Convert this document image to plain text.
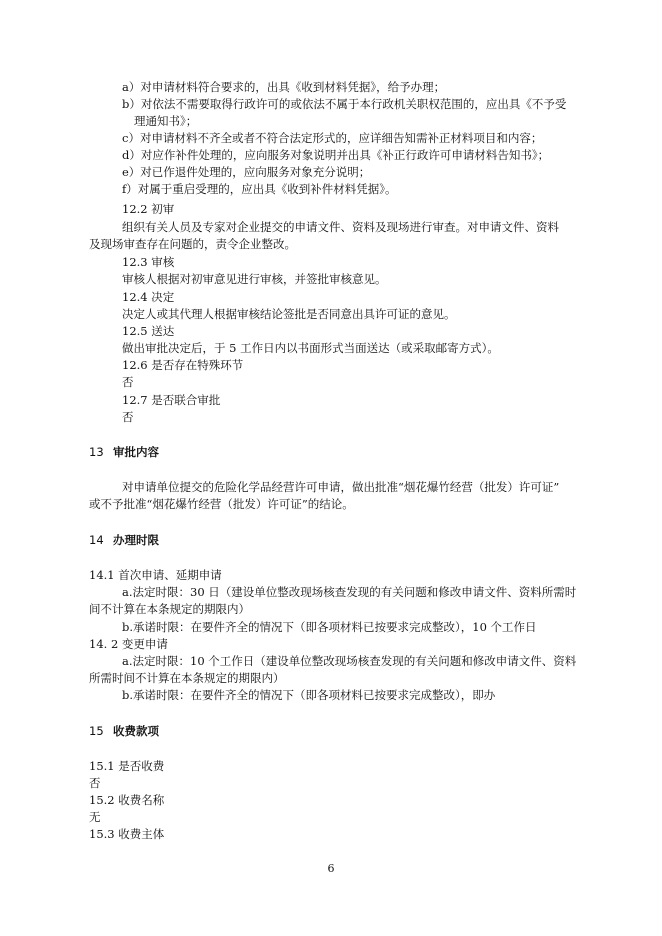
a）对申请材料符合要求的，出具《收到材料凭据》，给予办理；

b）对依法不需要取得行政许可的或依法不属于本行政机关职权范围的，应出具《不予受

理通知书》；

c）对申请材料不齐全或者不符合法定形式的，应详细告知需补正材料项目和内容；

d）对应作补件处理的，应向服务对象说明并出具《补正行政许可申请材料告知书》；

e）对已作退件处理的，应向服务对象充分说明；

f）对属于重启受理的，应出具《收到补件材料凭据》。

12.2 初审

组织有关人员及专家对企业提交的申请文件、资料及现场进行审查。对申请文件、资料

及现场审查存在问题的，责令企业整改。

12.3 审核

审核人根据对初审意见进行审核，并签批审核意见。

12.4 决定

决定人或其代理人根据审核结论签批是否同意出具许可证的意见。

12.5 送达

做出审批决定后，于 5 工作日内以书面形式当面送达（或采取邮寄方式）。

12.6 是否存在特殊环节

否

12.7 是否联合审批

否

13 审批内容

对申请单位提交的危险化学品经营许可申请，做出批准“烟花爆竹经营（批发）许可证”

或不予批准“烟花爆竹经营（批发）许可证”的结论。

14 办理时限

14.1 首次申请、延期申请

a.法定时限：30 日（建设单位整改现场核查发现的有关问题和修改申请文件、资料所需时

间不计算在本条规定的期限内）

b.承诺时限：在要件齐全的情况下（即各项材料已按要求完成整改），10 个工作日

14. 2 变更申请

a.法定时限：10 个工作日（建设单位整改现场核查发现的有关问题和修改申请文件、资料

所需时间不计算在本条规定的期限内）

b.承诺时限：在要件齐全的情况下（即各项材料已按要求完成整改），即办

15 收费款项

15.1 是否收费

否

15.2 收费名称

无

15.3 收费主体

6
